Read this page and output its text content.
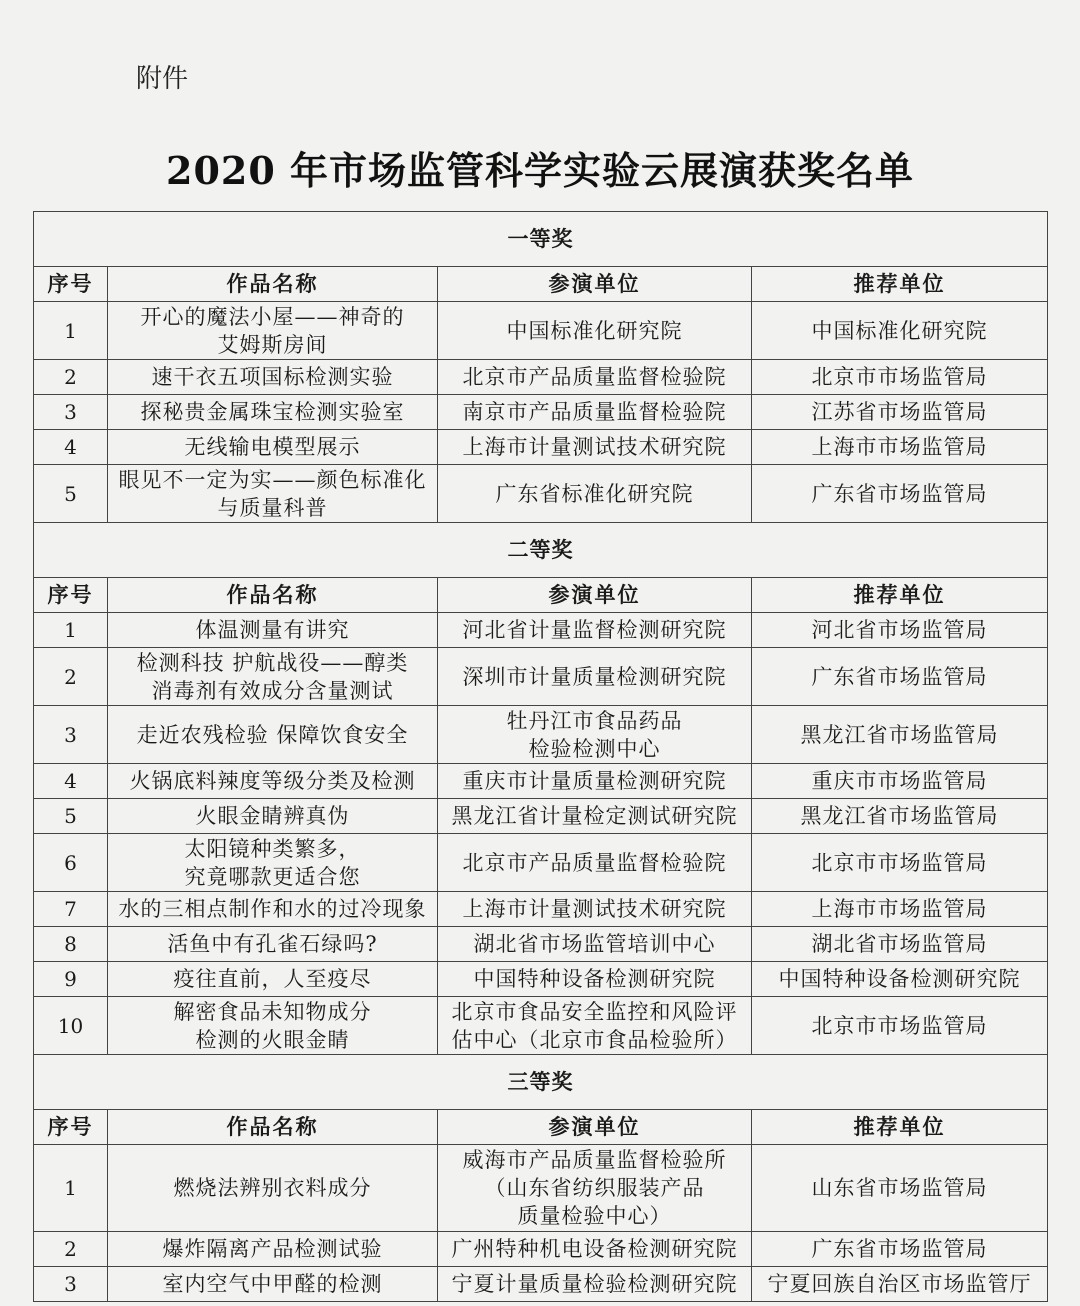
附件
2020 年市场监管科学实验云展演获奖名单
一等奖			
序号	作品名称	参演单位	推荐单位

1	开心的魔法小屋——神奇的
艾姆斯房间	中国标准化研究院	中国标准化研究院

2	速干衣五项国标检测实验	北京市产品质量监督检验院	北京市市场监管局

3	探秘贵金属珠宝检测实验室	南京市产品质量监督检验院	江苏省市场监管局

4	无线输电模型展示	上海市计量测试技术研究院	上海市市场监管局

5	眼见不一定为实——颜色标准化
与质量科普	广东省标准化研究院	广东省市场监管局

二等奖			
序号	作品名称	参演单位	推荐单位

1	体温测量有讲究	河北省计量监督检测研究院	河北省市场监管局

2	检测科技 护航战役——醇类
消毒剂有效成分含量测试	深圳市计量质量检测研究院	广东省市场监管局

3	走近农残检验 保障饮食安全	牡丹江市食品药品
检验检测中心	黑龙江省市场监管局

4	火锅底料辣度等级分类及检测	重庆市计量质量检测研究院	重庆市市场监管局

5	火眼金睛辨真伪	黑龙江省计量检定测试研究院	黑龙江省市场监管局

6	太阳镜种类繁多，
究竟哪款更适合您	北京市产品质量监督检验院	北京市市场监管局

7	水的三相点制作和水的过冷现象	上海市计量测试技术研究院	上海市市场监管局

8	活鱼中有孔雀石绿吗?	湖北省市场监管培训中心	湖北省市场监管局

9	疫往直前，人至疫尽	中国特种设备检测研究院	中国特种设备检测研究院

10	解密食品未知物成分
检测的火眼金睛	北京市食品安全监控和风险评
估中心（北京市食品检验所）	北京市市场监管局

三等奖			
序号	作品名称	参演单位	推荐单位

1	燃烧法辨别衣料成分	威海市产品质量监督检验所
（山东省纺织服装产品
质量检验中心）	山东省市场监管局

2	爆炸隔离产品检测试验	广州特种机电设备检测研究院	广东省市场监管局

3	室内空气中甲醛的检测	宁夏计量质量检验检测研究院	宁夏回族自治区市场监管厅
